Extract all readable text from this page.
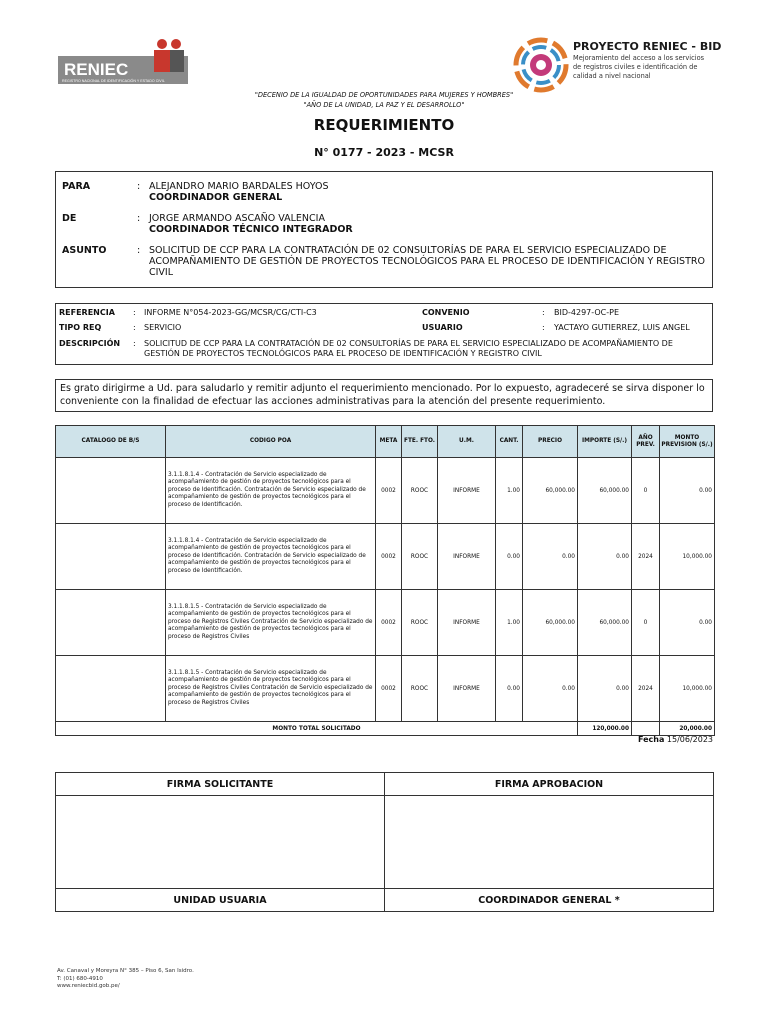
RENIEC
REGISTRO NACIONAL DE IDENTIFICACIÓN Y ESTADO CIVIL
PROYECTO RENIEC - BID
Mejoramiento del acceso a los servicios de registros civiles e identificación de calidad a nivel nacional
"DECENIO DE LA IGUALDAD DE OPORTUNIDADES PARA MUJERES Y HOMBRES"
"AÑO DE LA UNIDAD, LA PAZ Y EL DESARROLLO"
REQUERIMIENTO
N° 0177 - 2023 - MCSR
PARA	: ALEJANDRO MARIO BARDALES HOYOS
COORDINADOR GENERAL
DE	: JORGE ARMANDO ASCAÑO VALENCIA
COORDINADOR TÉCNICO INTEGRADOR
ASUNTO	: SOLICITUD DE CCP PARA LA CONTRATACIÓN DE 02 CONSULTORÍAS DE PARA EL SERVICIO ESPECIALIZADO DE ACOMPAÑAMIENTO DE GESTIÓN DE PROYECTOS TECNOLÓGICOS PARA EL PROCESO DE IDENTIFICACIÓN Y REGISTRO CIVIL
REFERENCIA : INFORME N°054-2023-GG/MCSR/CG/CTI-C3	CONVENIO	: BID-4297-OC-PE
TIPO REQ	: SERVICIO	USUARIO	: YACTAYO GUTIERREZ, LUIS ANGEL
DESCRIPCIÓN : SOLICITUD DE CCP PARA LA CONTRATACIÓN DE 02 CONSULTORÍAS DE PARA EL SERVICIO ESPECIALIZADO DE ACOMPAÑAMIENTO DE GESTIÓN DE PROYECTOS TECNOLÓGICOS PARA EL PROCESO DE IDENTIFICACIÓN Y REGISTRO CIVIL
Es grato dirigirme a Ud. para saludarlo y remitir adjunto el requerimiento mencionado. Por lo expuesto, agradeceré se sirva disponer lo conveniente con la finalidad de efectuar las acciones administrativas para la atención del presente requerimiento.
CATALOGO DE B/S	CODIGO POA	META	FTE. FTO.	U.M.	CANT.	PRECIO	IMPORTE (S/.)	AÑO PREV.	MONTO PREVISION (S/.)
	3.1.1.8.1.4 - Contratación de Servicio especializado de acompañamiento de gestión de proyectos tecnológicos para el proceso de Identificación. Contratación de Servicio especializado de acompañamiento de gestión de proyectos tecnológicos para el proceso de Identificación.	0002	ROOC	INFORME	1.00	60,000.00	60,000.00	0	0.00
	3.1.1.8.1.4 - Contratación de Servicio especializado de acompañamiento de gestión de proyectos tecnológicos para el proceso de Identificación. Contratación de Servicio especializado de acompañamiento de gestión de proyectos tecnológicos para el proceso de Identificación.	0002	ROOC	INFORME	0.00	0.00	0.00	2024	10,000.00
	3.1.1.8.1.5 - Contratación de Servicio especializado de acompañamiento de gestión de proyectos tecnológicos para el proceso de Registros Civiles Contratación de Servicio especializado de acompañamiento de gestión de proyectos tecnológicos para el proceso de Registros Civiles	0002	ROOC	INFORME	1.00	60,000.00	60,000.00	0	0.00
	3.1.1.8.1.5 - Contratación de Servicio especializado de acompañamiento de gestión de proyectos tecnológicos para el proceso de Registros Civiles Contratación de Servicio especializado de acompañamiento de gestión de proyectos tecnológicos para el proceso de Registros Civiles	0002	ROOC	INFORME	0.00	0.00	0.00	2024	10,000.00
MONTO TOTAL SOLICITADO							120,000.00		20,000.00
Fecha 15/06/2023
FIRMA SOLICITANTE	FIRMA APROBACION

UNIDAD USUARIA	COORDINADOR GENERAL *
Av. Canaval y Moreyra N° 385 – Piso 6, San Isidro.
T: (01) 680-4910
www.reniecbid.gob.pe/
